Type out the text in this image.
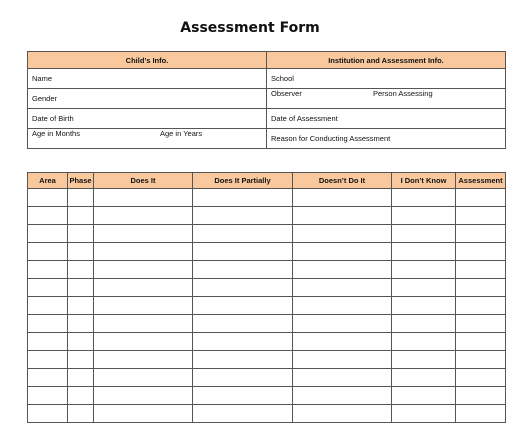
Assessment Form
Child’s Info.	Institution and Assessment Info.
Name	School
Gender	Observer Person Assessing

Date of Birth	Date of Assessment

Age in Months Age in Years	Reason for Conducting Assessment
Area	Phase	Does It	Does It Partially	Doesn’t Do It	I Don’t Know	Assessment
